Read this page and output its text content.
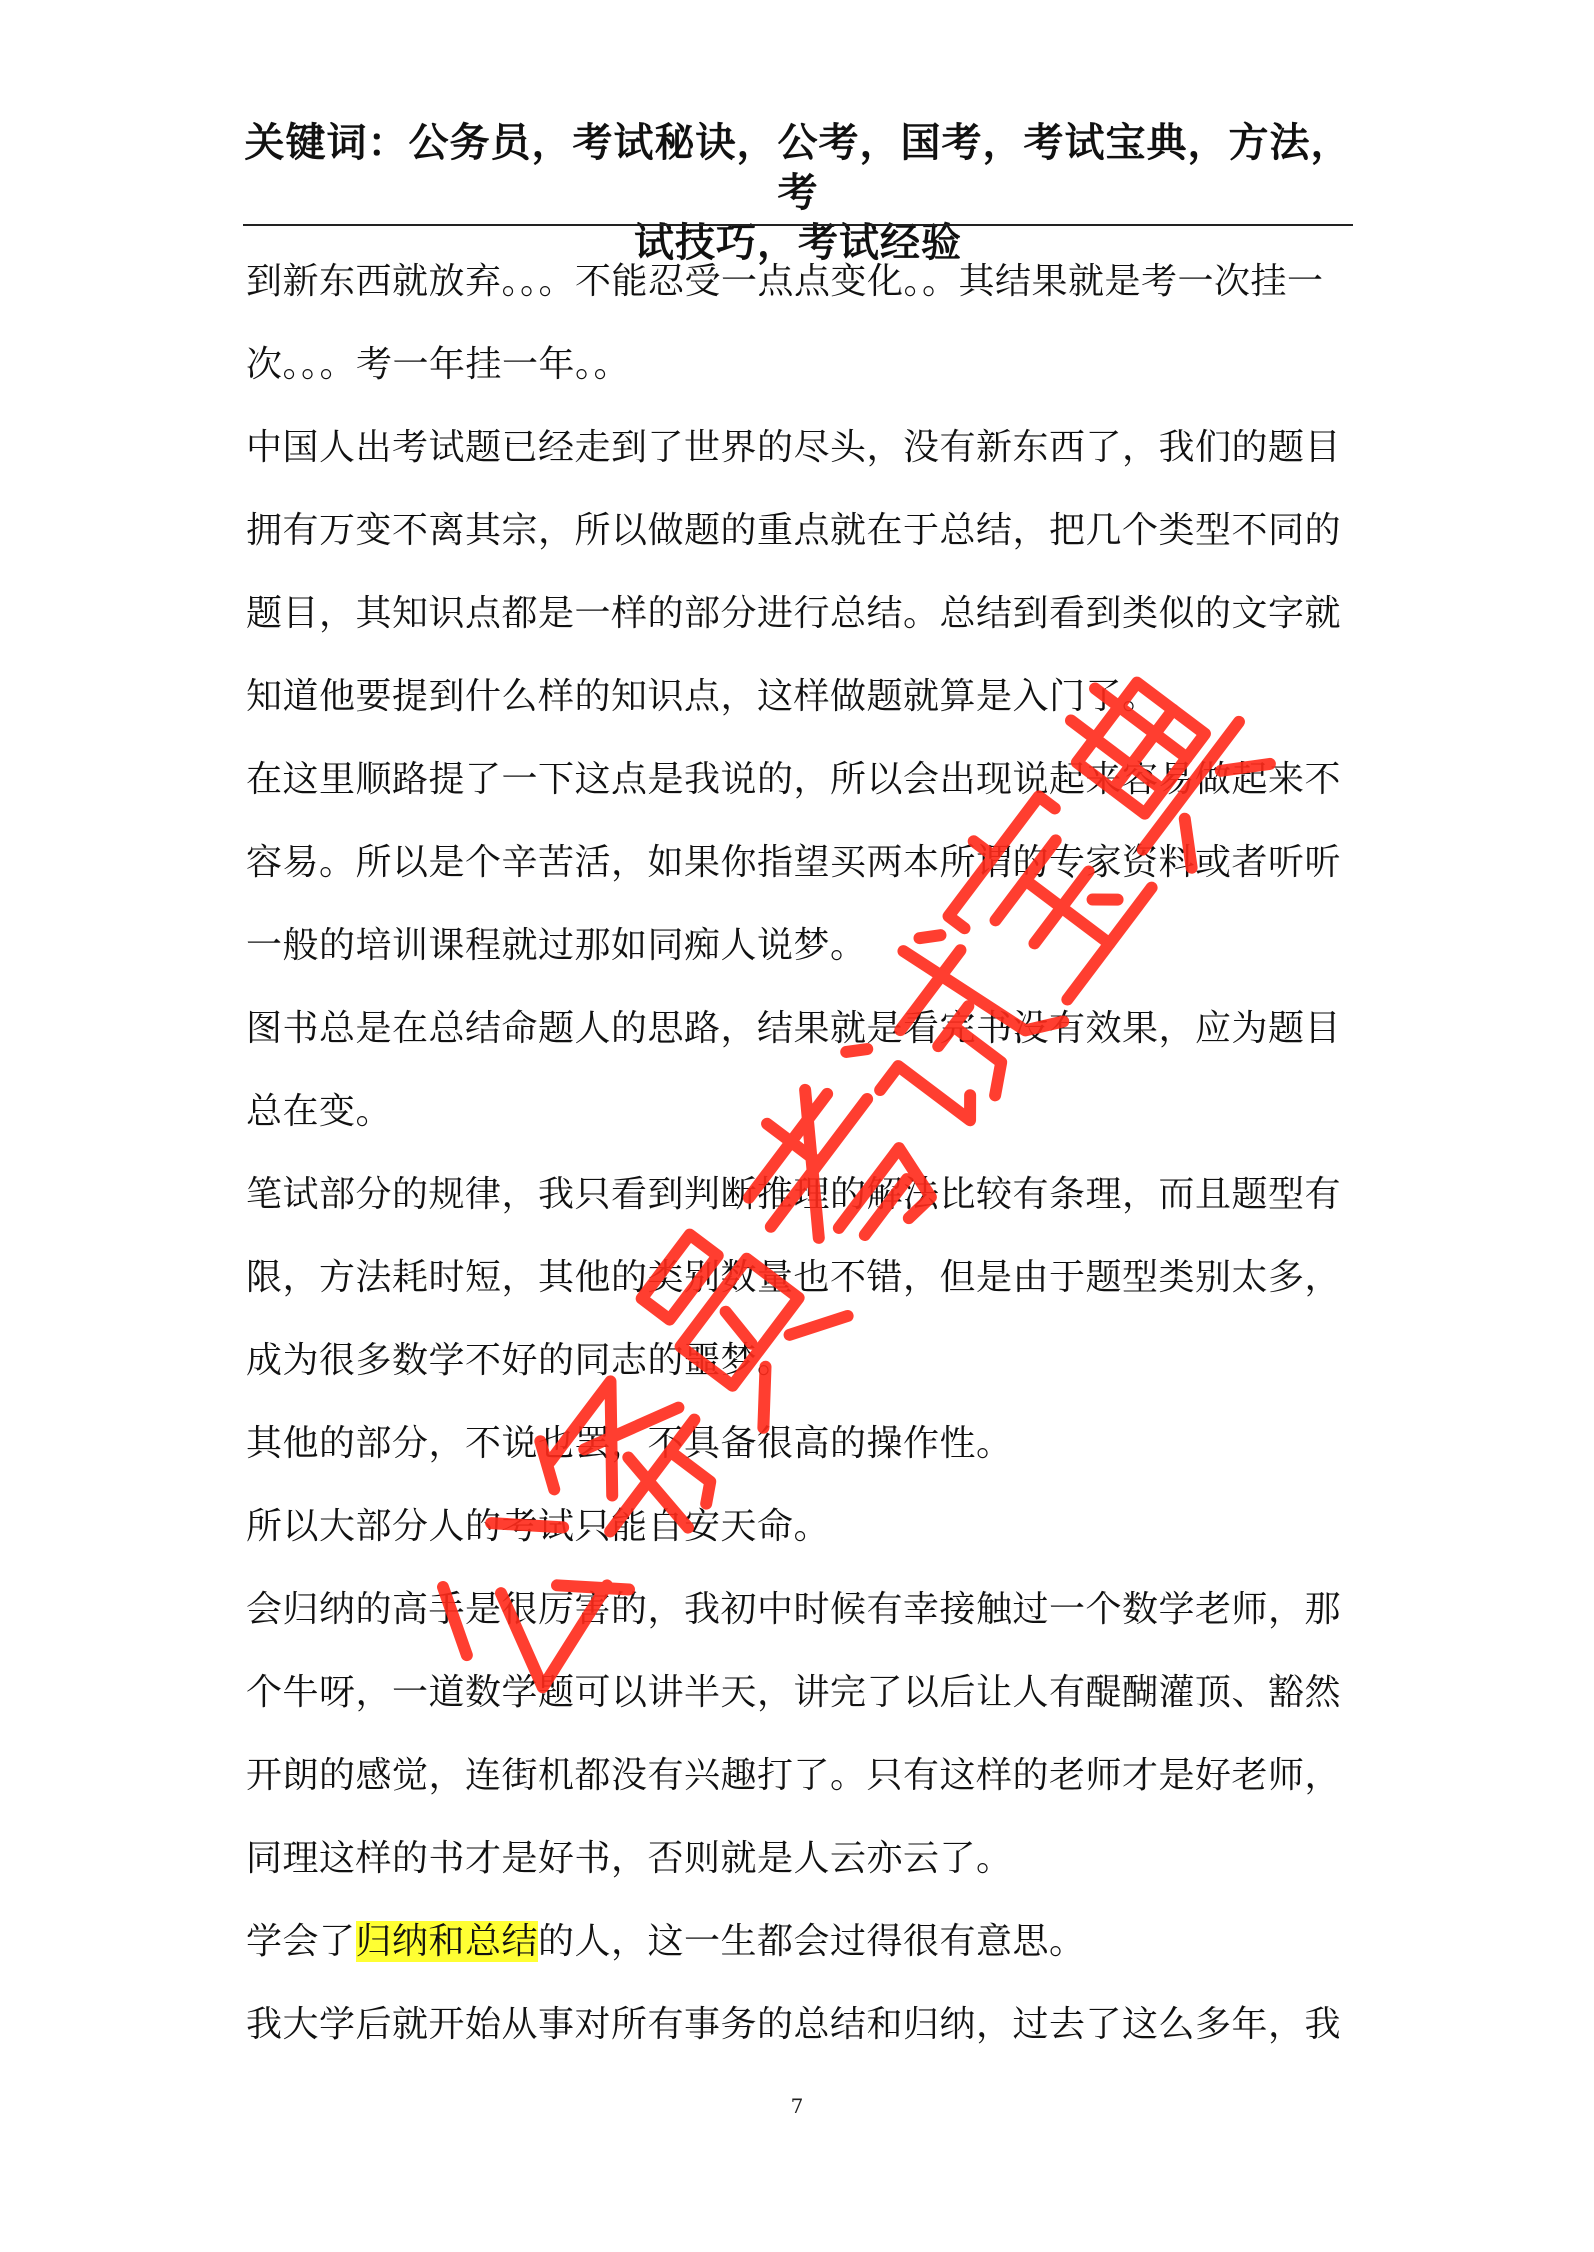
关键词：公务员，考试秘诀，公考，国考，考试宝典，方法，考
试技巧，考试经验

到新东西就放弃。。。不能忍受一点点变化。。其结果就是考一次挂一次。。。考一年挂一年。。

中国人出考试题已经走到了世界的尽头，没有新东西了，我们的题目拥有万变不离其宗，所以做题的重点就在于总结，把几个类型不同的题目，其知识点都是一样的部分进行总结。总结到看到类似的文字就知道他要提到什么样的知识点，这样做题就算是入门了。

在这里顺路提了一下这点是我说的，所以会出现说起来容易做起来不容易。所以是个辛苦活，如果你指望买两本所谓的专家资料或者听听一般的培训课程就过那如同痴人说梦。

图书总是在总结命题人的思路，结果就是看完书没有效果，应为题目总在变。

笔试部分的规律，我只看到判断推理的解法比较有条理，而且题型有限，方法耗时短，其他的类别数量也不错，但是由于题型类别太多，成为很多数学不好的同志的噩梦。

其他的部分，不说也罢，不具备很高的操作性。

所以大部分人的考试只能自安天命。

会归纳的高手是很厉害的，我初中时候有幸接触过一个数学老师，那个牛呀，一道数学题可以讲半天，讲完了以后让人有醍醐灌顶、豁然开朗的感觉，连街机都没有兴趣打了。只有这样的老师才是好老师，同理这样的书才是好书，否则就是人云亦云了。

学会了归纳和总结的人，这一生都会过得很有意思。

我大学后就开始从事对所有事务的总结和归纳，过去了这么多年，我

7
